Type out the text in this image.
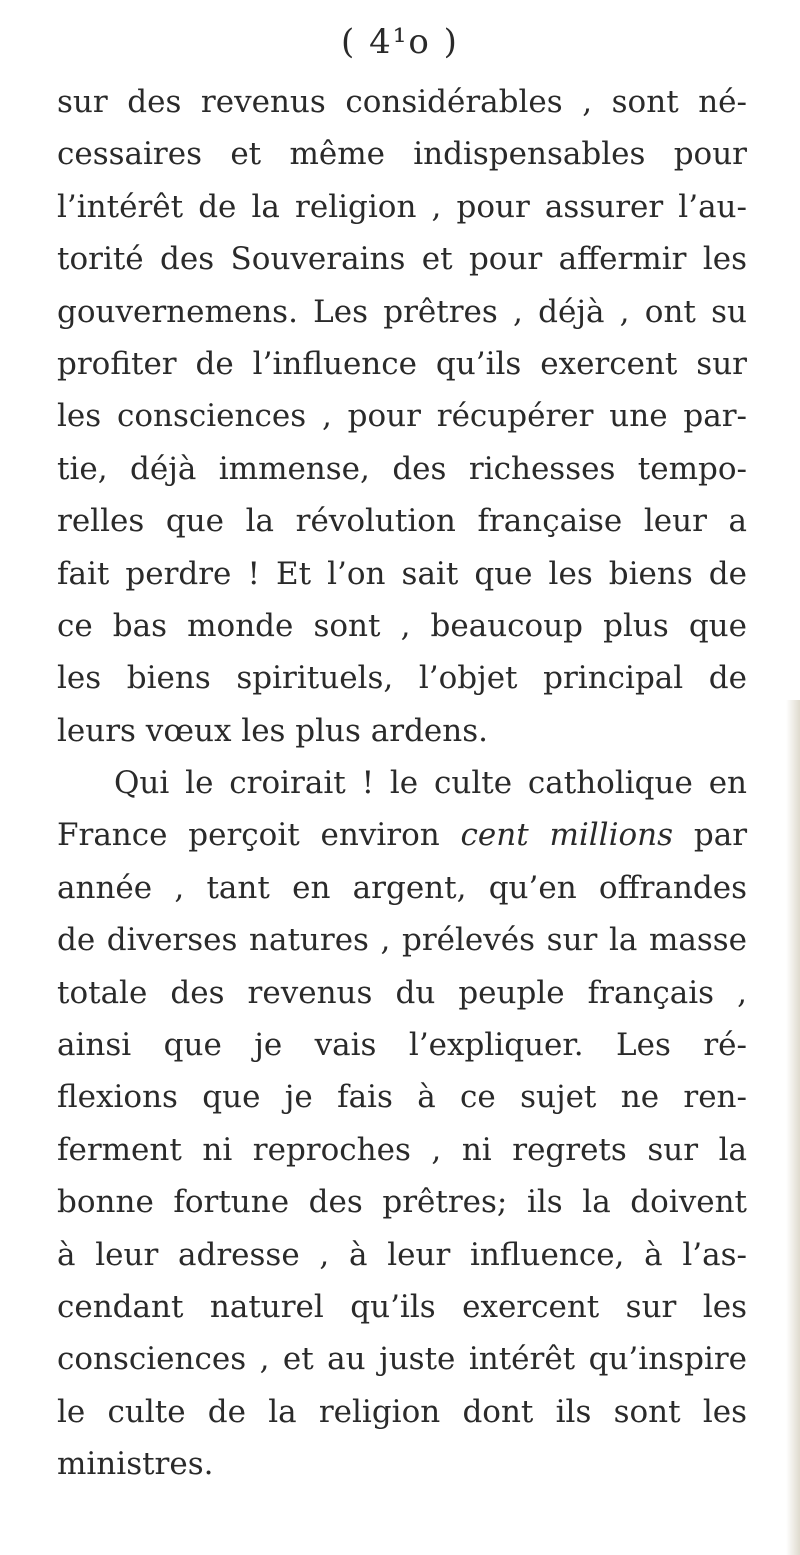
( 4¹o )
sur des revenus considérables , sont né-
cessaires et même indispensables pour
l’intérêt de la religion , pour assurer l’au-
torité des Souverains et pour affermir les
gouvernemens. Les prêtres , déjà , ont su
profiter de l’influence qu’ils exercent sur
les consciences , pour récupérer une par-
tie, déjà immense, des richesses tempo-
relles que la révolution française leur a
fait perdre ! Et l’on sait que les biens de
ce bas monde sont , beaucoup plus que
les biens spirituels, l’objet principal de
leurs vœux les plus ardens.
Qui le croirait ! le culte catholique en
France perçoit environ cent millions par
année , tant en argent, qu’en offrandes
de diverses natures , prélevés sur la masse
totale des revenus du peuple français ,
ainsi que je vais l’expliquer. Les ré-
flexions que je fais à ce sujet ne ren-
ferment ni reproches , ni regrets sur la
bonne fortune des prêtres; ils la doivent
à leur adresse , à leur influence, à l’as-
cendant naturel qu’ils exercent sur les
consciences , et au juste intérêt qu’inspire
le culte de la religion dont ils sont les
ministres.
